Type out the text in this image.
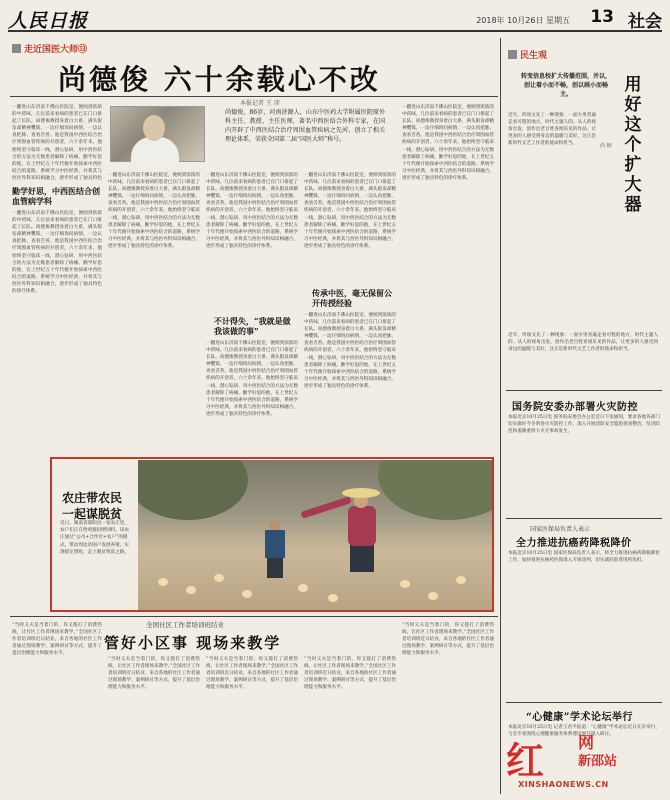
人民日报	2018年 10月26日 星期五 13 社会
走近国医大师⑬
尚德俊 六十余载心不改
本报记者 王 沛
尚德俊，86岁，河南济源人，山东中医药大学附属医院原外科主任、教授、主任医师，著名中西医结合外科专家，在国内开辟了中西医结合治疗周围血管疾病之先河，创立了相关理论体系，荣获全国第二届“国医大师”称号。
一翻进山东济南千佛山医院室，便闻到浓浓的中药味，几位前来看病的患者已在门口排起了长队。尚德俊教授身着白大褂，满头银发却精神矍铄，一边仔细询问病情，一边认真把脉、查看舌苔。他是我国中西医结合治疗周围血管疾病的开创者，六十余年来，他始终坚守临床一线，潜心钻研，用中西医结合的方法为无数患者解除了病痛。勤学好思的他，在上世纪五十年代便开始探索中西医结合的道路，系统学习中医经典，并将其与西医外科知识相融合，逐步形成了独具特色
勤学好思，中西医结合创血管病学科
一翻进山东济南千佛山医院室，便闻到浓浓的中药味，几位前来看病的患者已在门口排起了长队。尚德俊教授身着白大褂，满头银发却精神矍铄，一边仔细询问病情，一边认真把脉、查看舌苔。他是我国中西医结合治疗周围血管疾病的开创者，六十余年来，他始终坚守临床一线，潜心钻研，用中西医结合的方法为无数患者解除了病痛。勤学好思的他，在上世纪五十年代便开始探索中西医结合的道路，系统学习中医经典，并将其与西医外科知识相融合，逐步形成了独具特色的诊疗体系。
一翻进山东济南千佛山医院室，便闻到浓浓的中药味，几位前来看病的患者已在门口排起了长队。尚德俊教授身着白大褂，满头银发却精神矍铄，一边仔细询问病情，一边认真把脉、查看舌苔。他是我国中西医结合治疗周围血管疾病的开创者，六十余年来，他始终坚守临床一线，潜心钻研，用中西医结合的方法为无数患者解除了病痛。勤学好思的他，在上世纪五十年代便开始探索中西医结合的道路，系统学习中医经典，并将其与西医外科知识相融合，逐步形成了独具特色的诊疗体系。
一翻进山东济南千佛山医院室，便闻到浓浓的中药味，几位前来看病的患者已在门口排起了长队。尚德俊教授身着白大褂，满头银发却精神矍铄，一边仔细询问病情，一边认真把脉、查看舌苔。他是我国中西医结合治疗周围血管疾病的开创者，六十余年来，他始终坚守临床一线，潜心钻研，用中西医结合的方法为无数患者解除了病痛。勤学好思的他，在上世纪五十年代便开始探索中西医结合的道路，系统学习中医经典，并将其与西医外科知识相融合，逐步形成了独具特色的诊疗体系。
不计得失，“我就是做我该做的事”
一翻进山东济南千佛山医院室，便闻到浓浓的中药味，几位前来看病的患者已在门口排起了长队。尚德俊教授身着白大褂，满头银发却精神矍铄，一边仔细询问病情，一边认真把脉、查看舌苔。他是我国中西医结合治疗周围血管疾病的开创者，六十余年来，他始终坚守临床一线，潜心钻研，用中西医结合的方法为无数患者解除了病痛。勤学好思的他，在上世纪五十年代便开始探索中西医结合的道路，系统学习中医经典，并将其与西医外科知识相融合，逐步形成了独具特色的诊疗体系。
一翻进山东济南千佛山医院室，便闻到浓浓的中药味，几位前来看病的患者已在门口排起了长队。尚德俊教授身着白大褂，满头银发却精神矍铄，一边仔细询问病情，一边认真把脉、查看舌苔。他是我国中西医结合治疗周围血管疾病的开创者，六十余年来，他始终坚守临床一线，潜心钻研，用中西医结合的方法为无数患者解除了病痛。勤学好思的他，在上世纪五十年代便开始探索中西医结合的道路，系统学习中医经典，并将其与西医外科知识相融合，逐步形成了独具特色的诊疗体系。
传承中医，毫无保留公开传授经验
一翻进山东济南千佛山医院室，便闻到浓浓的中药味，几位前来看病的患者已在门口排起了长队。尚德俊教授身着白大褂，满头银发却精神矍铄，一边仔细询问病情，一边认真把脉、查看舌苔。他是我国中西医结合治疗周围血管疾病的开创者，六十余年来，他始终坚守临床一线，潜心钻研，用中西医结合的方法为无数患者解除了病痛。勤学好思的他，在上世纪五十年代便开始探索中西医结合的道路，系统学习中医经典，并将其与西医外科知识相融合，逐步形成了独具特色的诊疗体系。
一翻进山东济南千佛山医院室，便闻到浓浓的中药味，几位前来看病的患者已在门口排起了长队。尚德俊教授身着白大褂，满头银发却精神矍铄，一边仔细询问病情，一边认真把脉、查看舌苔。他是我国中西医结合治疗周围血管疾病的开创者，六十余年来，他始终坚守临床一线，潜心钻研，用中西医结合的方法为无数患者解除了病痛。勤学好思的他，在上世纪五十年代便开始探索中西医结合的道路，系统学习中医经典，并将其与西医外科知识相融合，逐步形成了独具特色的诊疗体系。
农庄带农民
一起谋脱贫
近日，湖南省邵阳县一家农庄里，农户们正在给鸡群投喂饲料。该农庄通过“公司+合作社+农户”的模式，带动周边贫困户发展养殖，实现稳定增收，走上脱贫致富之路。
全国社区工作者培训班结业
管好小区事 现场来教学
“当时义夫是当着门的，你又拨打了消费热线，让社区工作者现场来教学。”全国社区工作者培训班近日结业，来自各地的社区工作者通过现场教学、案例研讨等方式，提升了基层治理能力和服务水平。
“当时义夫是当着门的，你又拨打了消费热线，让社区工作者现场来教学。”全国社区工作者培训班近日结业，来自各地的社区工作者通过现场教学、案例研讨等方式，提升了基层治理能力和服务水平。
“当时义夫是当着门的，你又拨打了消费热线，让社区工作者现场来教学。”全国社区工作者培训班近日结业，来自各地的社区工作者通过现场教学、案例研讨等方式，提升了基层治理能力和服务水平。
“当时义夫是当着门的，你又拨打了消费热线，让社区工作者现场来教学。”全国社区工作者培训班近日结业，来自各地的社区工作者通过现场教学、案例研讨等方式，提升了基层治理能力和服务水平。
“当时义夫是当着门的，你又拨打了消费热线，让社区工作者现场来教学。”全国社区工作者培训班近日结业，来自各地的社区工作者通过现场教学、案例研讨等方式，提升了基层治理能力和服务水平。
民生观
转变信息校扩大传播范围，并以，创让着小而不畅，创以画小而畅主。	用好这个扩大器
尚 楠
近年，所项文先了一种现象：一面少男普遍走看可程的地方，时代主题人的。从人的视角出发，创作出老百姓喜闻乐见的作品，让更多的人感受到身边的温暖与美好，这正是新时代文艺工作者的使命和担当。
近年，所项文先了一种现象：一面少男普遍走看可程的地方，时代主题人的。从人的视角出发，创作出老百姓喜闻乐见的作品，让更多的人感受到身边的温暖与美好，这正是新时代文艺工作者的使命和担当。
国务院安委办部署火灾防控
本报北京10月25日电 国务院安委会办公室近日下发通知，要求各地各部门切实做好今冬明春火灾防控工作，深入开展消防安全隐患排查整治，坚决防范和遏制重特大火灾事故发生。
国家医保局负责人表示
全力推进抗癌药降税降价
本报北京10月25日电 国家医保局负责人表示，将全力推进抗癌药降税降价工作，加快推进抗癌药医保准入专项谈判，切实减轻患者用药负担。
“心健康”学术论坛举行
本报北京10月25日电 记者王君平报道：“心健康”学术论坛近日在京举行，与会专家围绕心理健康服务体系建设展开深入研讨。
红 网
新邵站
XINSHAONEWS.CN
